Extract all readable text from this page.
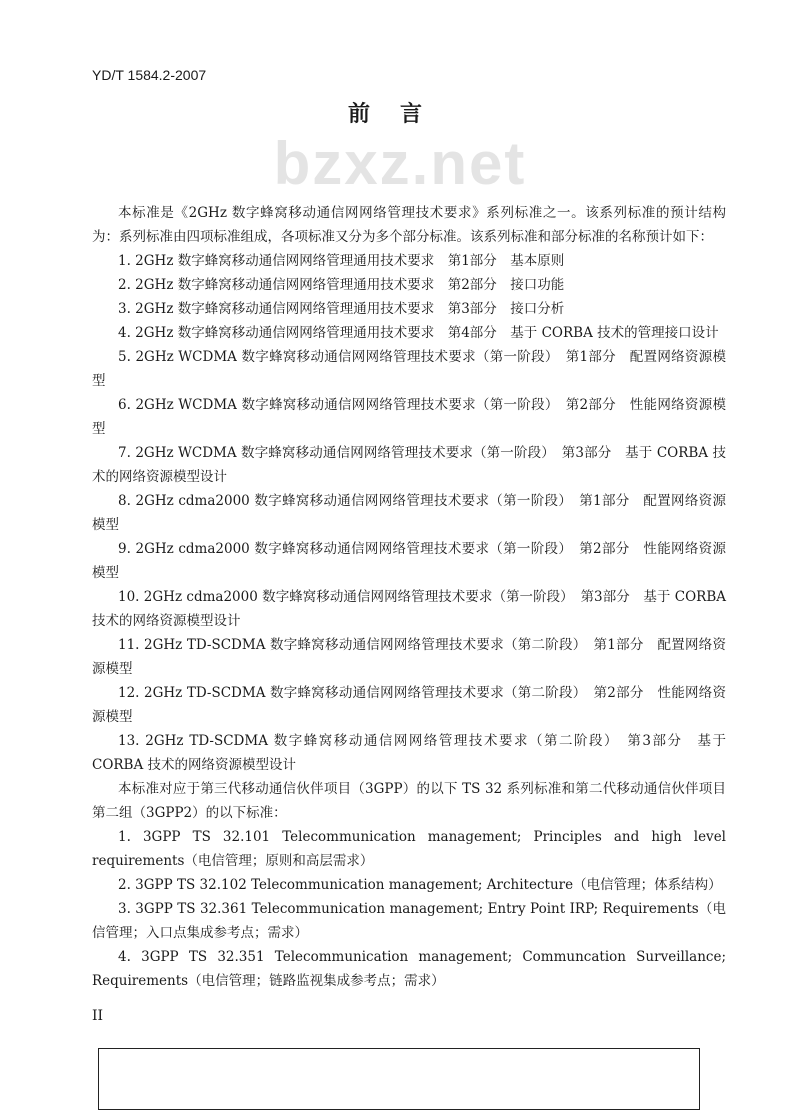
YD/T 1584.2-2007
前言
bzxz.net

本标准是《2GHz 数字蜂窝移动通信网网络管理技术要求》系列标准之一。该系列标准的预计结构为：系列标准由四项标准组成，各项标准又分为多个部分标准。该系列标准和部分标准的名称预计如下：

1. 2GHz 数字蜂窝移动通信网网络管理通用技术要求　第1部分　基本原则

2. 2GHz 数字蜂窝移动通信网网络管理通用技术要求　第2部分　接口功能

3. 2GHz 数字蜂窝移动通信网网络管理通用技术要求　第3部分　接口分析

4. 2GHz 数字蜂窝移动通信网网络管理通用技术要求　第4部分　基于 CORBA 技术的管理接口设计

5. 2GHz WCDMA 数字蜂窝移动通信网网络管理技术要求（第一阶段）　第1部分　配置网络资源模型

6. 2GHz WCDMA 数字蜂窝移动通信网网络管理技术要求（第一阶段）　第2部分　性能网络资源模型

7. 2GHz WCDMA 数字蜂窝移动通信网网络管理技术要求（第一阶段）　第3部分　基于 CORBA 技术的网络资源模型设计

8. 2GHz cdma2000 数字蜂窝移动通信网网络管理技术要求（第一阶段）　第1部分　配置网络资源模型

9. 2GHz cdma2000 数字蜂窝移动通信网网络管理技术要求（第一阶段）　第2部分　性能网络资源模型

10. 2GHz cdma2000 数字蜂窝移动通信网网络管理技术要求（第一阶段）　第3部分　基于 CORBA 技术的网络资源模型设计

11. 2GHz TD-SCDMA 数字蜂窝移动通信网网络管理技术要求（第二阶段）　第1部分　配置网络资源模型

12. 2GHz TD-SCDMA 数字蜂窝移动通信网网络管理技术要求（第二阶段）　第2部分　性能网络资源模型

13. 2GHz TD-SCDMA 数字蜂窝移动通信网网络管理技术要求（第二阶段）　第3部分　基于 CORBA 技术的网络资源模型设计

本标准对应于第三代移动通信伙伴项目（3GPP）的以下 TS 32 系列标准和第二代移动通信伙伴项目第二组（3GPP2）的以下标准：

1. 3GPP TS 32.101 Telecommunication management; Principles and high level requirements（电信管理；原则和高层需求）

2. 3GPP TS 32.102 Telecommunication management; Architecture（电信管理；体系结构）

3. 3GPP TS 32.361 Telecommunication management; Entry Point IRP; Requirements（电信管理；入口点集成参考点；需求）

4. 3GPP TS 32.351 Telecommunication management; Communcation Surveillance; Requirements（电信管理；链路监视集成参考点；需求）

II
